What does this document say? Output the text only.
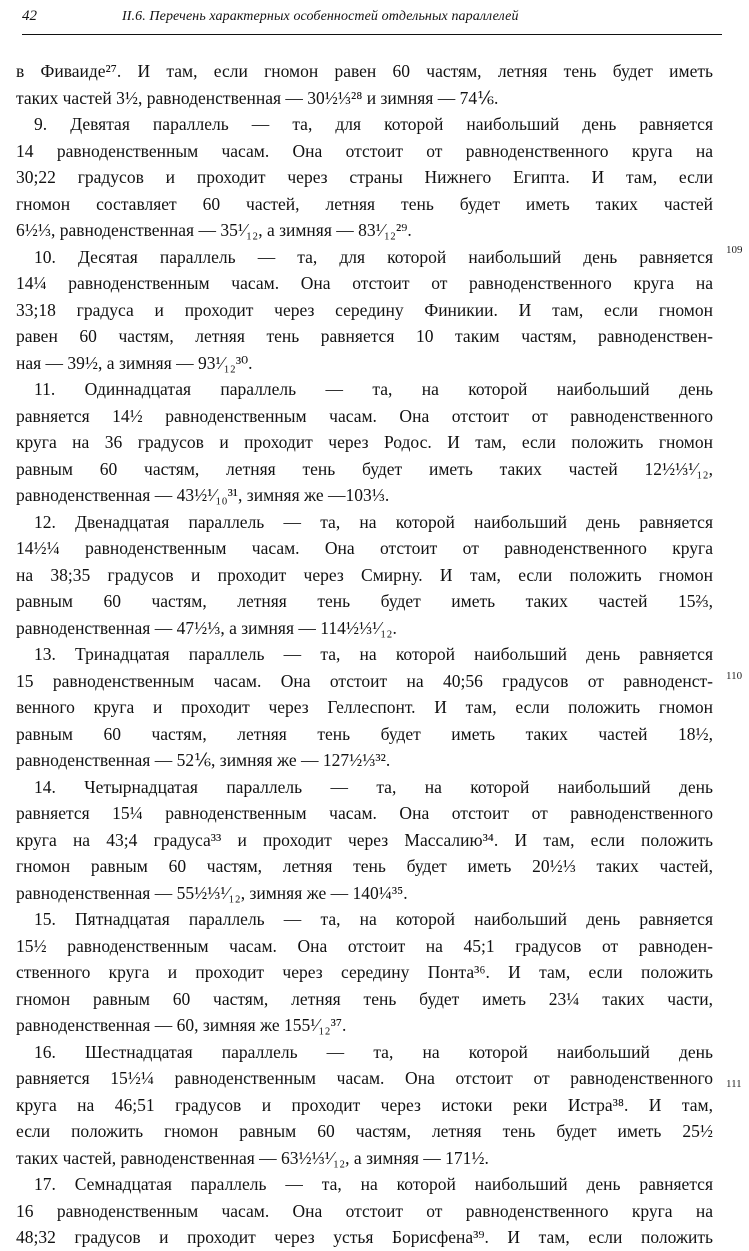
42	II.6. Перечень характерных особенностей отдельных параллелей
в Фиваиде²⁷. И там, если гномон равен 60 частям, летняя тень будет иметь
таких частей 3½, равноденственная — 30½⅓²⁸ и зимняя — 74⅙.
9. Девятая параллель — та, для которой наибольший день равняется
14 равноденственным часам. Она отстоит от равноденственного круга на
30;22 градусов и проходит через страны Нижнего Египта. И там, если
гномон составляет 60 частей, летняя тень будет иметь таких частей
6½⅓, равноденственная — 35¹⁄₁₂, а зимняя — 83¹⁄₁₂²⁹.
10. Десятая параллель — та, для которой наибольший день равняется
14¼ равноденственным часам. Она отстоит от равноденственного круга на
33;18 градуса и проходит через середину Финикии. И там, если гномон
равен 60 частям, летняя тень равняется 10 таким частям, равноденствен-
ная — 39½, а зимняя — 93¹⁄₁₂³⁰.
11. Одиннадцатая параллель — та, на которой наибольший день
равняется 14½ равноденственным часам. Она отстоит от равноденственного
круга на 36 градусов и проходит через Родос. И там, если положить гномон
равным 60 частям, летняя тень будет иметь таких частей 12½⅓¹⁄₁₂,
равноденственная — 43½¹⁄₁₀³¹, зимняя же —103⅓.
12. Двенадцатая параллель — та, на которой наибольший день равняется
14½¼ равноденственным часам. Она отстоит от равноденственного круга
на 38;35 градусов и проходит через Смирну. И там, если положить гномон
равным 60 частям, летняя тень будет иметь таких частей 15⅔,
равноденственная — 47½⅓, а зимняя — 114½⅓¹⁄₁₂.
13. Тринадцатая параллель — та, на которой наибольший день равняется
15 равноденственным часам. Она отстоит на 40;56 градусов от равноденст-
венного круга и проходит через Геллеспонт. И там, если положить гномон
равным 60 частям, летняя тень будет иметь таких частей 18½,
равноденственная — 52⅙, зимняя же — 127½⅓³².
14. Четырнадцатая параллель — та, на которой наибольший день
равняется 15¼ равноденственным часам. Она отстоит от равноденственного
круга на 43;4 градуса³³ и проходит через Массалию³⁴. И там, если положить
гномон равным 60 частям, летняя тень будет иметь 20½⅓ таких частей,
равноденственная — 55½⅓¹⁄₁₂, зимняя же — 140¼³⁵.
15. Пятнадцатая параллель — та, на которой наибольший день равняется
15½ равноденственным часам. Она отстоит на 45;1 градусов от равноден-
ственного круга и проходит через середину Понта³⁶. И там, если положить
гномон равным 60 частям, летняя тень будет иметь 23¼ таких части,
равноденственная — 60, зимняя же 155¹⁄₁₂³⁷.
16. Шестнадцатая параллель — та, на которой наибольший день
равняется 15½¼ равноденственным часам. Она отстоит от равноденственного
круга на 46;51 градусов и проходит через истоки реки Истра³⁸. И там,
если положить гномон равным 60 частям, летняя тень будет иметь 25½
таких частей, равноденственная — 63½⅓¹⁄₁₂, а зимняя — 171½.
17. Семнадцатая параллель — та, на которой наибольший день равняется
16 равноденственным часам. Она отстоит от равноденственного круга на
48;32 градусов и проходит через устья Борисфена³⁹. И там, если положить
109
110
111
